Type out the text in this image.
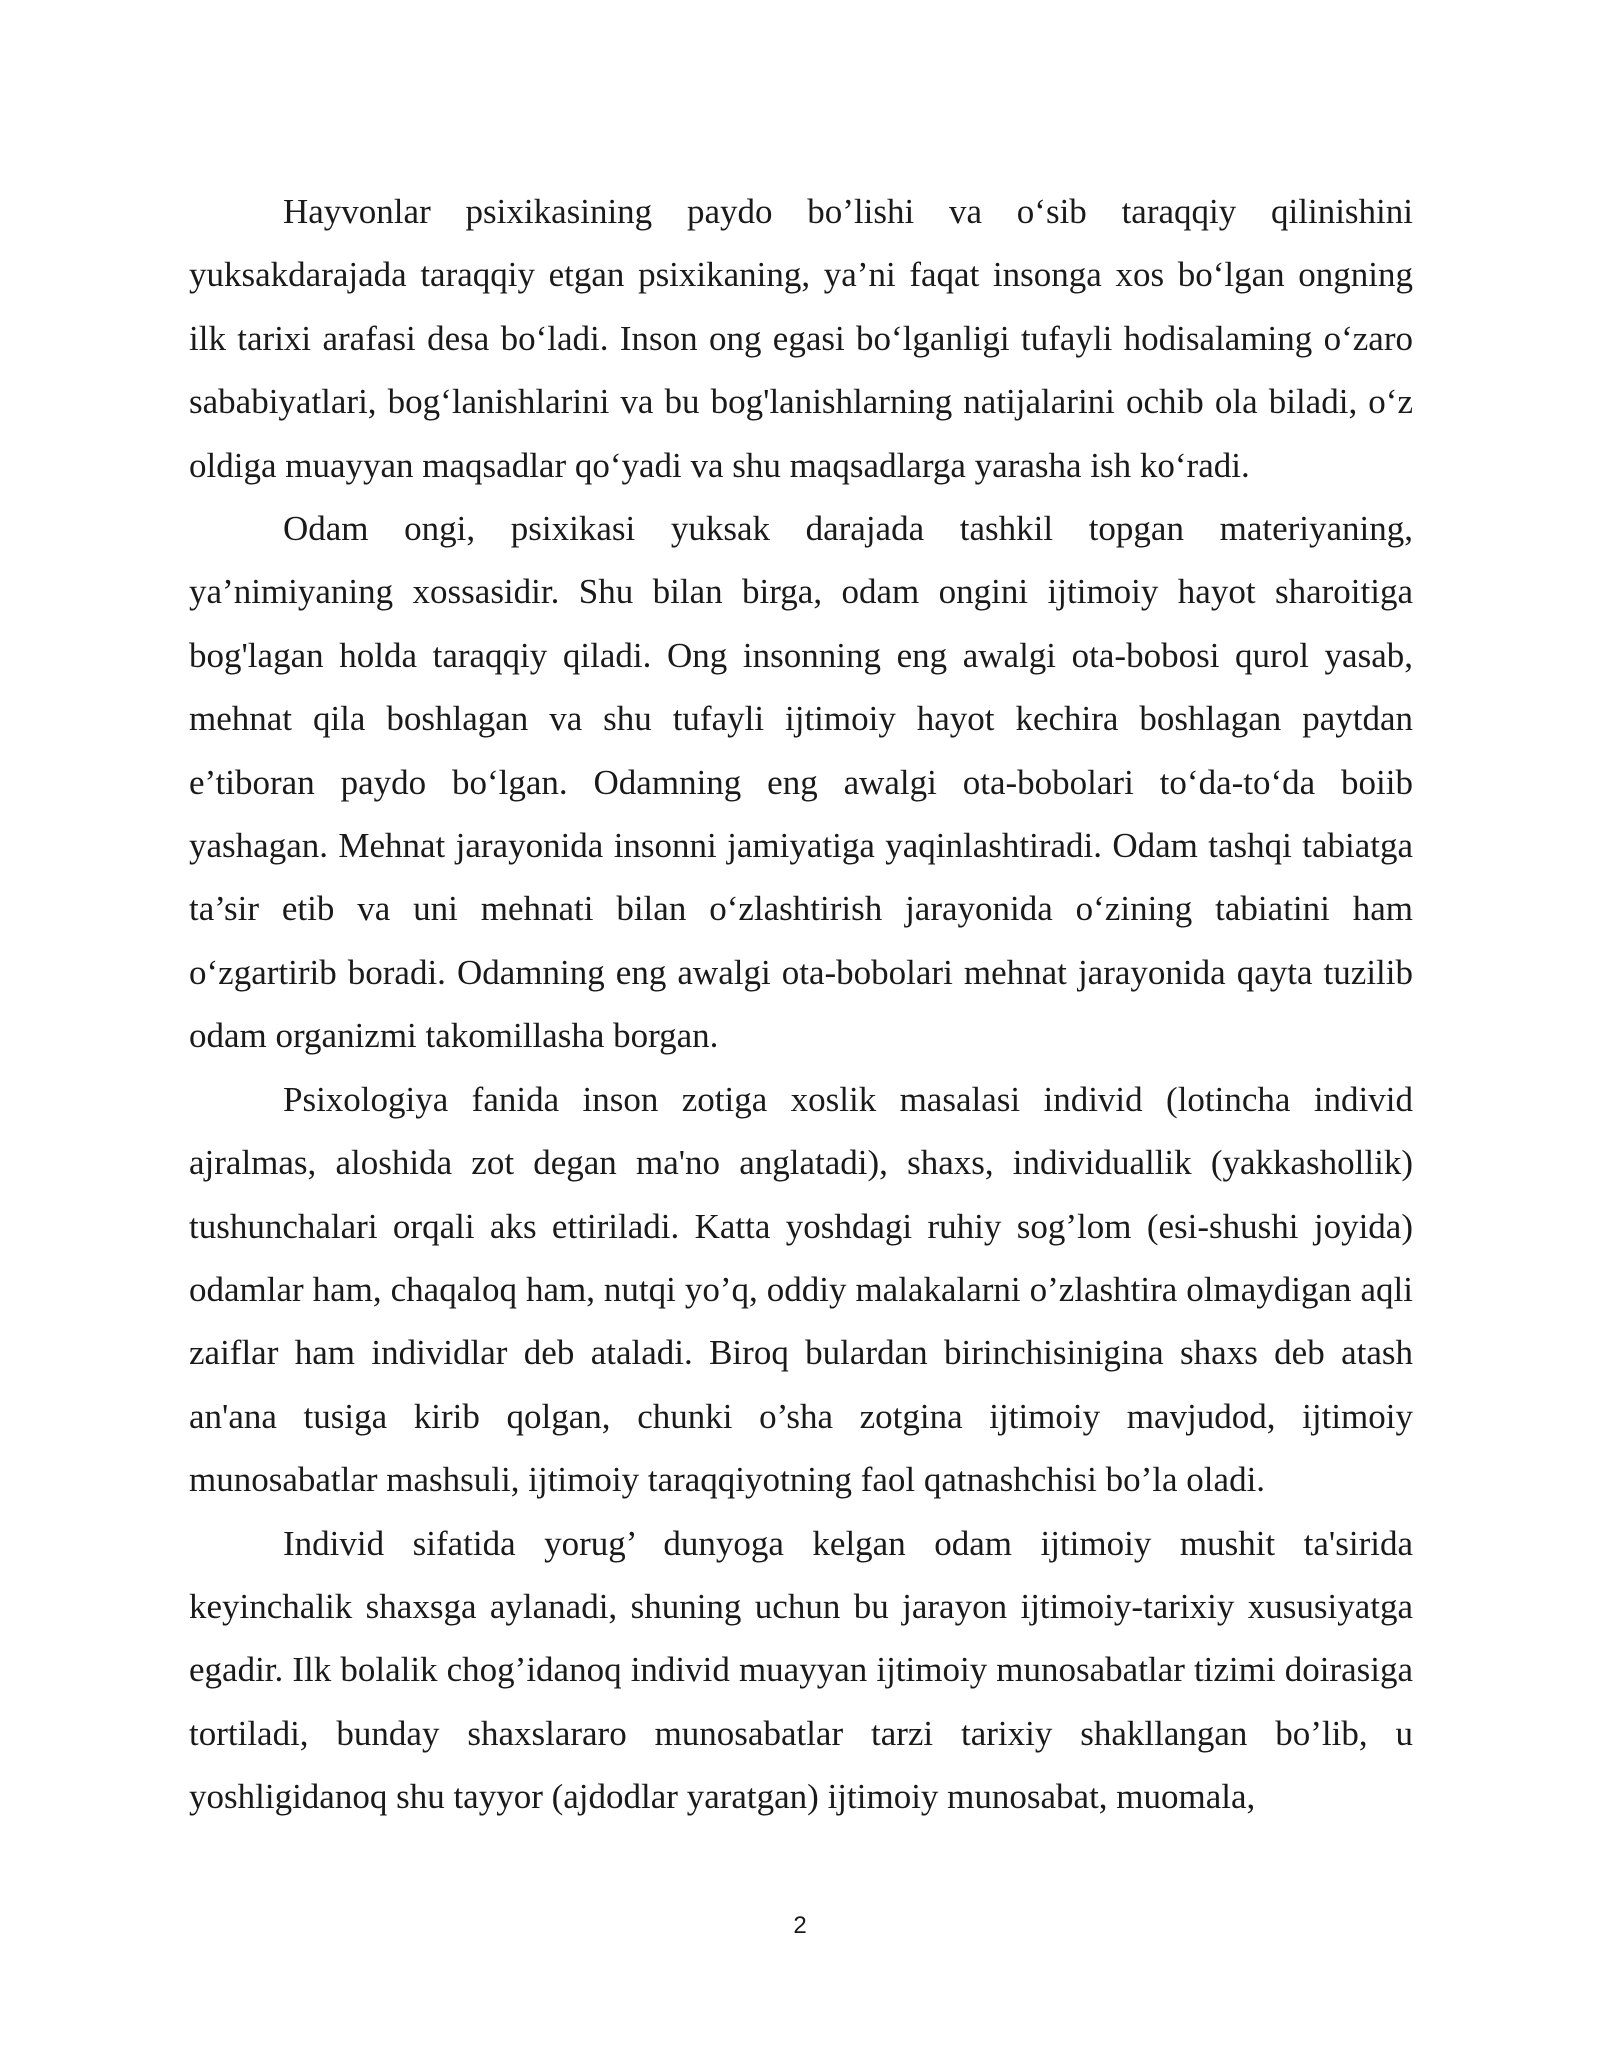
Hayvonlar psixikasining paydo bo’lishi va o‘sib taraqqiy qilinishini yuksakdarajada taraqqiy etgan psixikaning, ya’ni faqat insonga xos bo‘lgan ongning ilk tarixi arafasi desa bo‘ladi. Inson ong egasi bo‘lganligi tufayli hodisalaming o‘zaro sababiyatlari, bog‘lanishlarini va bu bog'lanishlarning natijalarini ochib ola biladi, o‘z oldiga muayyan maqsadlar qo‘yadi va shu maqsadlarga yarasha ish ko‘radi.

Odam ongi, psixikasi yuksak darajada tashkil topgan materiyaning, ya’nimiyaning xossasidir. Shu bilan birga, odam ongini ijtimoiy hayot sharoitiga bog'lagan holda taraqqiy qiladi. Ong insonning eng awalgi ota-bobosi qurol yasab, mehnat qila boshlagan va shu tufayli ijtimoiy hayot kechira boshlagan paytdan e’tiboran paydo bo‘lgan. Odamning eng awalgi ota-bobolari to‘da-to‘da boiib yashagan. Mehnat jarayonida insonni jamiyatiga yaqinlashtiradi. Odam tashqi tabiatga ta’sir etib va uni mehnati bilan o‘zlashtirish jarayonida o‘zining tabiatini ham o‘zgartirib boradi. Odamning eng awalgi ota-bobolari mehnat jarayonida qayta tuzilib odam organizmi takomillasha borgan.

Psixologiya fanida inson zotiga xoslik masalasi individ (lotincha individ ajralmas, aloshida zot degan ma'no anglatadi), shaxs, individuallik (yakkashollik) tushunchalari orqali aks ettiriladi. Katta yoshdagi ruhiy sog’lom (esi-shushi joyida) odamlar ham, chaqaloq ham, nutqi yo’q, oddiy malakalarni o’zlashtira olmaydigan aqli zaiflar ham individlar deb ataladi. Biroq bulardan birinchisinigina shaxs deb atash an'ana tusiga kirib qolgan, chunki o’sha zotgina ijtimoiy mavjudod, ijtimoiy munosabatlar mashsuli, ijtimoiy taraqqiyotning faol qatnashchisi bo’la oladi.

Individ sifatida yorug’ dunyoga kelgan odam ijtimoiy mushit ta'sirida keyinchalik shaxsga aylanadi, shuning uchun bu jarayon ijtimoiy-tarixiy xususiyatga egadir. Ilk bolalik chog’idanoq individ muayyan ijtimoiy munosabatlar tizimi doirasiga tortiladi, bunday shaxslararo munosabatlar tarzi tarixiy shakllangan bo’lib, u yoshligidanoq shu tayyor (ajdodlar yaratgan) ijtimoiy munosabat, muomala,

2
